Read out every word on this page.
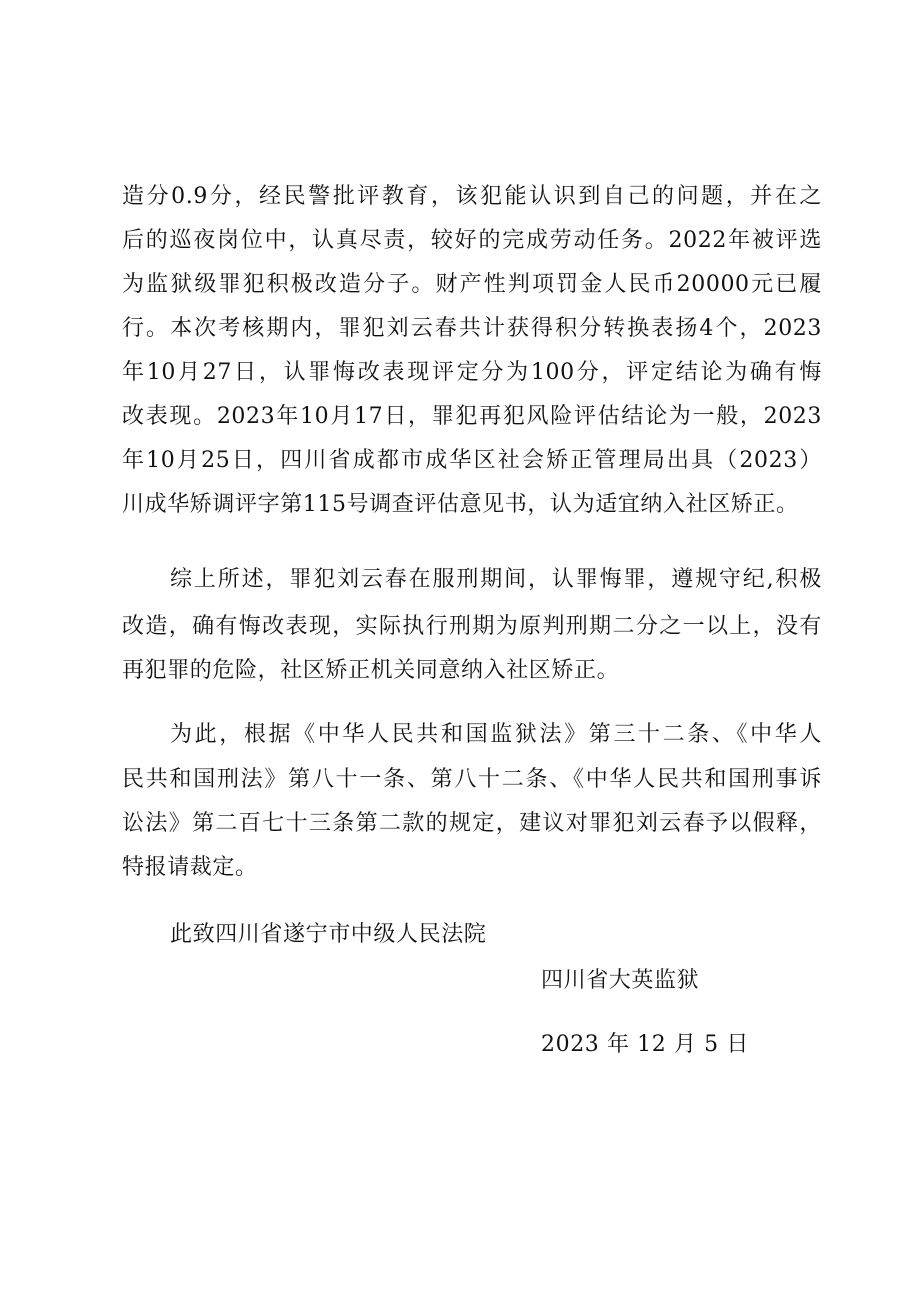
造分0.9分，经民警批评教育，该犯能认识到自己的问题，并在之
后的巡夜岗位中，认真尽责，较好的完成劳动任务。2022年被评选
为监狱级罪犯积极改造分子。财产性判项罚金人民币20000元已履
行。本次考核期内，罪犯刘云春共计获得积分转换表扬4个，2023
年10月27日，认罪悔改表现评定分为100分，评定结论为确有悔
改表现。2023年10月17日，罪犯再犯风险评估结论为一般，2023
年10月25日，四川省成都市成华区社会矫正管理局出具（2023）
川成华矫调评字第115号调查评估意见书，认为适宜纳入社区矫正。
综上所述，罪犯刘云春在服刑期间，认罪悔罪，遵规守纪,积极
改造，确有悔改表现，实际执行刑期为原判刑期二分之一以上，没有
再犯罪的危险，社区矫正机关同意纳入社区矫正。
为此，根据《中华人民共和国监狱法》第三十二条、《中华人
民共和国刑法》第八十一条、第八十二条、《中华人民共和国刑事诉
讼法》第二百七十三条第二款的规定，建议对罪犯刘云春予以假释，
特报请裁定。
此致四川省遂宁市中级人民法院
四川省大英监狱
2023 年 12 月 5 日
